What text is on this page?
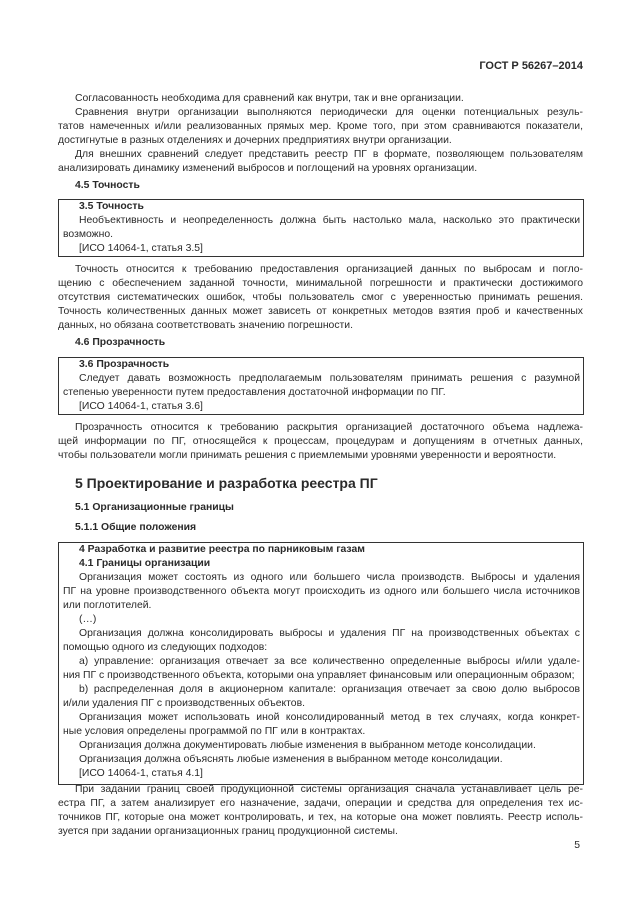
ГОСТ Р 56267–2014
Согласованность необходима для сравнений как внутри, так и вне организации.
Сравнения внутри организации выполняются периодически для оценки потенциальных резуль-
татов намеченных и/или реализованных прямых мер. Кроме того, при этом сравниваются показатели,
достигнутые в разных отделениях и дочерних предприятиях внутри организации.
Для внешних сравнений следует представить реестр ПГ в формате, позволяющем пользователям
анализировать динамику изменений выбросов и поглощений на уровнях организации.
4.5 Точность
3.5 Точность
Необъективность и неопределенность должна быть настолько мала, насколько это практически
возможно.
[ИСО 14064-1, статья 3.5]
Точность относится к требованию предоставления организацией данных по выбросам и погло-
щению с обеспечением заданной точности, минимальной погрешности и практически достижимого
отсутствия систематических ошибок, чтобы пользователь смог с уверенностью принимать решения.
Точность количественных данных может зависеть от конкретных методов взятия проб и качественных
данных, но обязана соответствовать значению погрешности.
4.6 Прозрачность
3.6 Прозрачность
Следует давать возможность предполагаемым пользователям принимать решения с разумной
степенью уверенности путем предоставления достаточной информации по ПГ.
[ИСО 14064-1, статья 3.6]
Прозрачность относится к требованию раскрытия организацией достаточного объема надлежа-
щей информации по ПГ, относящейся к процессам, процедурам и допущениям в отчетных данных,
чтобы пользователи могли принимать решения с приемлемыми уровнями уверенности и вероятности.
5 Проектирование и разработка реестра ПГ
5.1 Организационные границы
5.1.1 Общие положения
4 Разработка и развитие реестра по парниковым газам
4.1 Границы организации
Организация может состоять из одного или большего числа производств. Выбросы и удаления
ПГ на уровне производственного объекта могут происходить из одного или большего числа источников
или поглотителей.
(…)
Организация должна консолидировать выбросы и удаления ПГ на производственных объектах с
помощью одного из следующих подходов:
a) управление: организация отвечает за все количественно определенные выбросы и/или удале-
ния ПГ с производственного объекта, которыми она управляет финансовым или операционным образом;
b) распределенная доля в акционерном капитале: организация отвечает за свою долю выбросов
и/или удаления ПГ с производственных объектов.
Организация может использовать иной консолидированный метод в тех случаях, когда конкрет-
ные условия определены программой по ПГ или в контрактах.
Организация должна документировать любые изменения в выбранном методе консолидации.
Организация должна объяснять любые изменения в выбранном методе консолидации.
[ИСО 14064-1, статья 4.1]
При задании границ своей продукционной системы организация сначала устанавливает цель ре-
естра ПГ, а затем анализирует его назначение, задачи, операции и средства для определения тех ис-
точников ПГ, которые она может контролировать, и тех, на которые она может повлиять. Реестр исполь-
зуется при задании организационных границ продукционной системы.
5
